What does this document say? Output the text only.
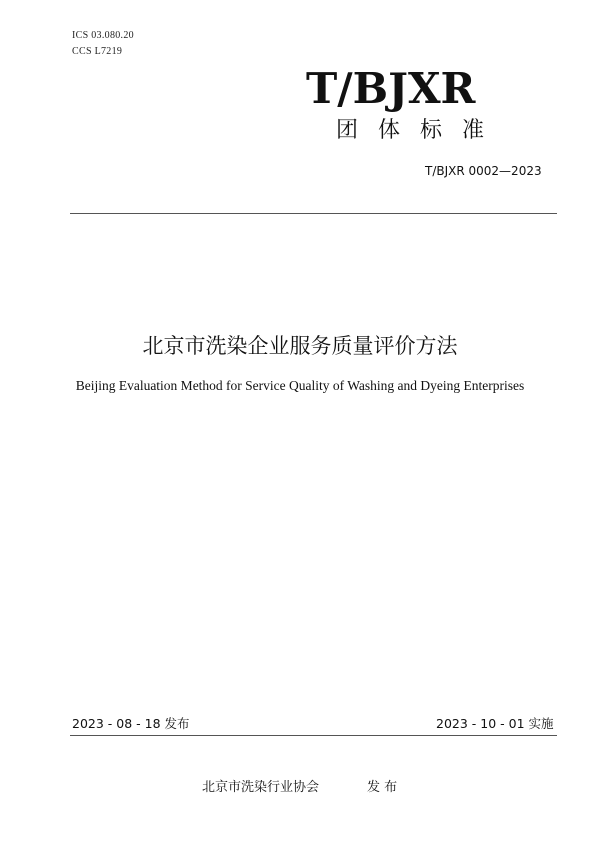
ICS 03.080.20
CCS L7219
T/BJXR
团体标准
T/BJXR 0002—2023
北京市洗染企业服务质量评价方法
Beijing Evaluation Method for Service Quality of Washing and Dyeing Enterprises
2023 - 08 - 18 发布	2023 - 10 - 01 实施
北京市洗染行业协会	发 布
